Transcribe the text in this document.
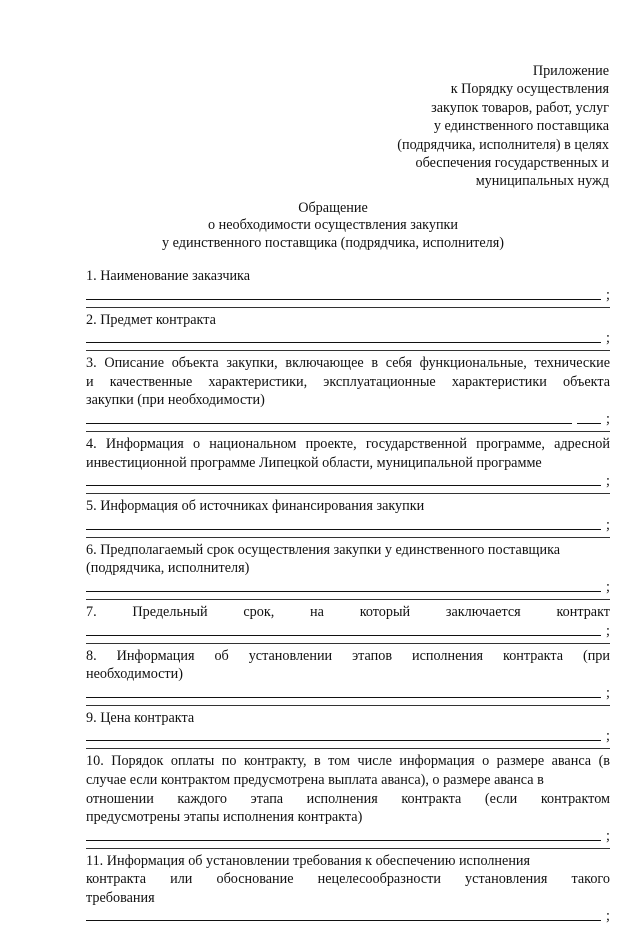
Приложение
к Порядку осуществления
закупок товаров, работ, услуг
у единственного поставщика
(подрядчика, исполнителя) в целях
обеспечения государственных и
муниципальных нужд
Обращение
о необходимости осуществления закупки
у единственного поставщика (подрядчика, исполнителя)
1. Наименование заказчика
;
2. Предмет контракта
;
3. Описание объекта закупки, включающее в себя функциональные, технические
и качественные характеристики, эксплуатационные характеристики объекта
закупки (при необходимости)
;
4. Информация о национальном проекте, государственной программе, адресной
инвестиционной программе Липецкой области, муниципальной программе
;
5. Информация об источниках финансирования закупки
;
6. Предполагаемый срок осуществления закупки у единственного поставщика
(подрядчика, исполнителя)
;
7. Предельный срок, на который заключается контракт
;
8. Информация об установлении этапов исполнения контракта (при
необходимости)
;
9. Цена контракта
;
10. Порядок оплаты по контракту, в том числе информация о размере аванса (в
случае если контрактом предусмотрена выплата аванса), о размере аванса в
отношении каждого этапа исполнения контракта (если контрактом
предусмотрены этапы исполнения контракта)
;
11. Информация об установлении требования к обеспечению исполнения
контракта или обоснование нецелесообразности установления такого
требования
;
